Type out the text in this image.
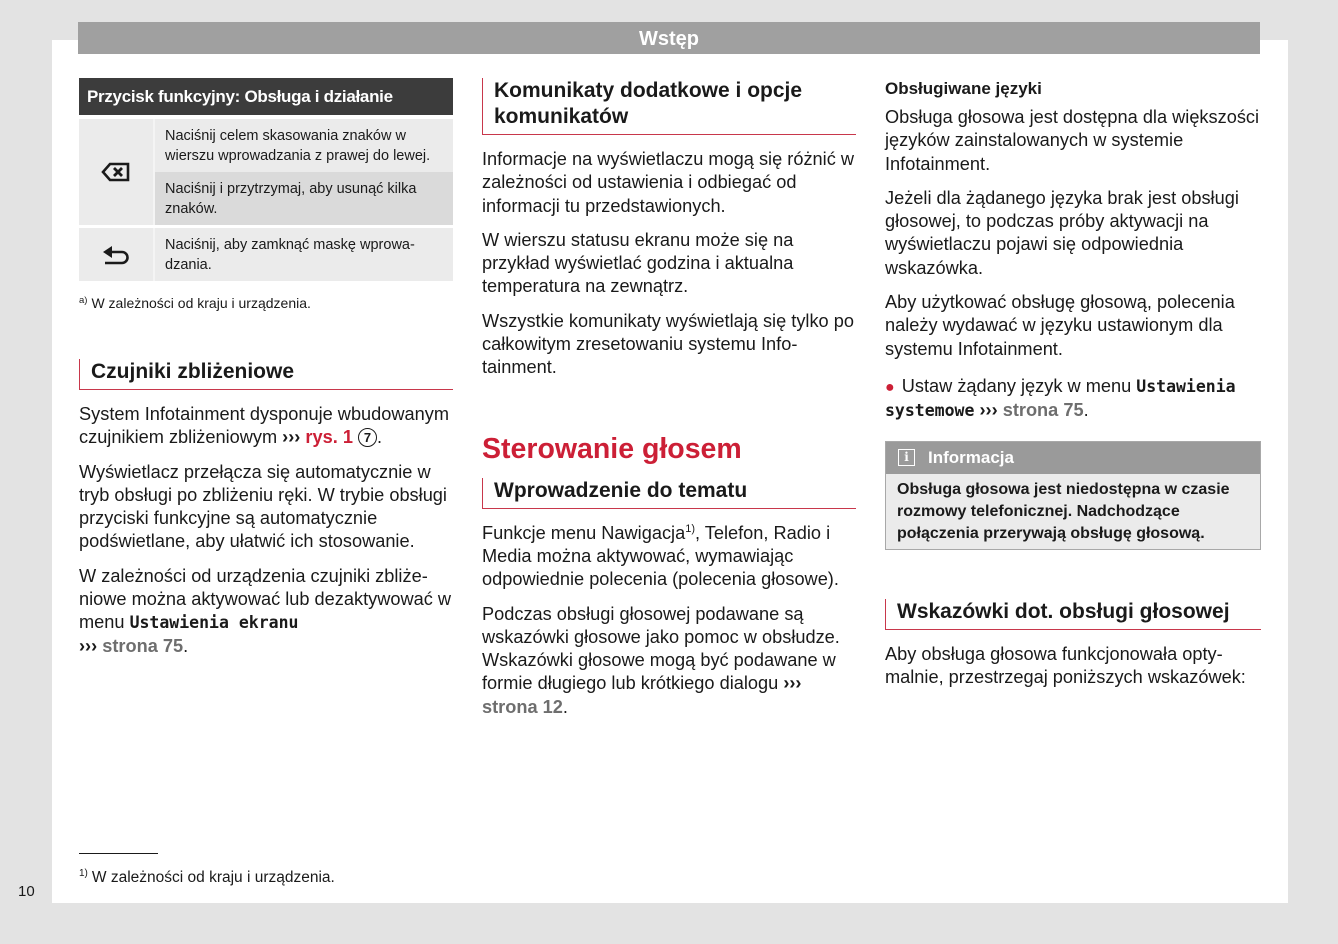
Wstęp
Przycisk funkcyjny: Obsługa i działanie
Naciśnij celem skasowania znaków w wierszu wprowadzania z prawej do lewej.
Naciśnij i przytrzymaj, aby usunąć kilka znaków.
Naciśnij, aby zamknąć maskę wprowadzania.
$^{a)}$ W zależności od kraju i urządzenia.
Czujniki zbliżeniowe

System Infotainment dysponuje wbudowanym czujnikiem zbliżeniowym ››› rys. 1 7 .

Wyświetlacz przełącza się automatycznie w tryb obsługi po zbliżeniu ręki. W trybie obsługi przyciski funkcyjne są automatycznie podświetlane, aby ułatwić ich stosowanie.

W zależności od urządzenia czujniki zbliżeniowe można aktywować lub dezaktywować w menu Ustawienia ekranu
››› strona 75.

Komunikaty dodatkowe i opcje komunikatów

Informacje na wyświetlaczu mogą się różnić w zależności od ustawienia i odbiegać od informacji tu przedstawionych.

W wierszu statusu ekranu może się na przykład wyświetlać godzina i aktualna temperatura na zewnątrz.

Wszystkie komunikaty wyświetlają się tylko po całkowitym zresetowaniu systemu Infotainment.

Sterowanie głosem
Wprowadzenie do tematu

Funkcje menu Nawigacja$^{1)}$, Telefon, Radio i Media można aktywować, wymawiając odpowiednie polecenia (polecenia głosowe).

Podczas obsługi głosowej podawane są wskazówki głosowe jako pomoc w obsłudze. Wskazówki głosowe mogą być podawane w formie długiego lub krótkiego dialogu ››› strona 12.

Obsługiwane języki

Obsługa głosowa jest dostępna dla większości języków zainstalowanych w systemie Infotainment.

Jeżeli dla żądanego języka brak jest obsługi głosowej, to podczas próby aktywacji na wyświetlaczu pojawi się odpowiednia wskazówka.

Aby użytkować obsługę głosową, polecenia należy wydawać w języku ustawionym dla systemu Infotainment.

● Ustaw żądany język w menu Ustawienia systemowe ››› strona 75.

i	Informacja
Obsługa głosowa jest niedostępna w czasie rozmowy telefonicznej. Nadchodzące połączenia przerywają obsługę głosową.
Wskazówki dot. obsługi głosowej

Aby obsługa głosowa funkcjonowała optymalnie, przestrzegaj poniższych wskazówek:

$^{1)}$ W zależności od kraju i urządzenia.
10
